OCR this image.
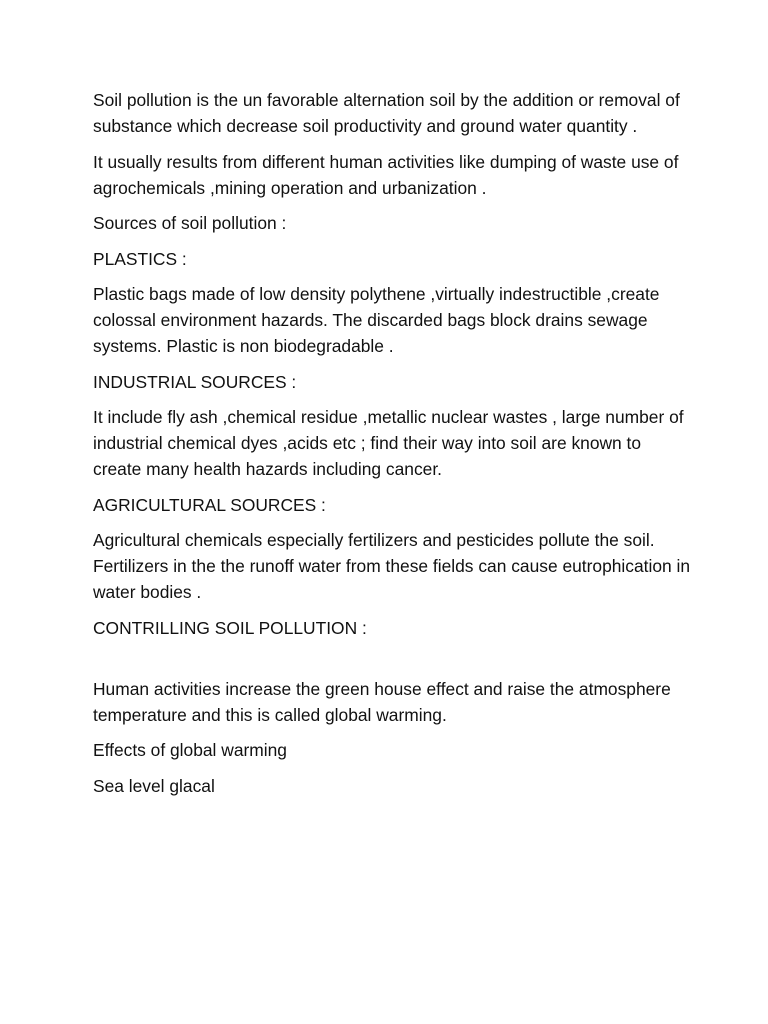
Soil pollution is the un favorable alternation soil by the addition or removal of substance which decrease soil productivity and ground water quantity .

It usually results from different human activities like dumping of waste use of agrochemicals ,mining operation and urbanization .

Sources of soil pollution :

PLASTICS :

Plastic bags made of low density polythene ,virtually indestructible ,create colossal environment hazards. The discarded bags block drains sewage systems. Plastic is non biodegradable .

INDUSTRIAL SOURCES :

It include fly ash ,chemical residue ,metallic nuclear wastes , large number of industrial chemical dyes ,acids etc ; find their way into soil are known to create many health hazards including cancer.

AGRICULTURAL SOURCES :

Agricultural chemicals especially fertilizers and pesticides pollute the soil. Fertilizers in the the runoff water from these fields can cause eutrophication in water bodies .

CONTRILLING SOIL POLLUTION :

Human activities increase the green house effect and raise the atmosphere temperature and this is called global warming.

Effects of global warming

Sea level glacal
